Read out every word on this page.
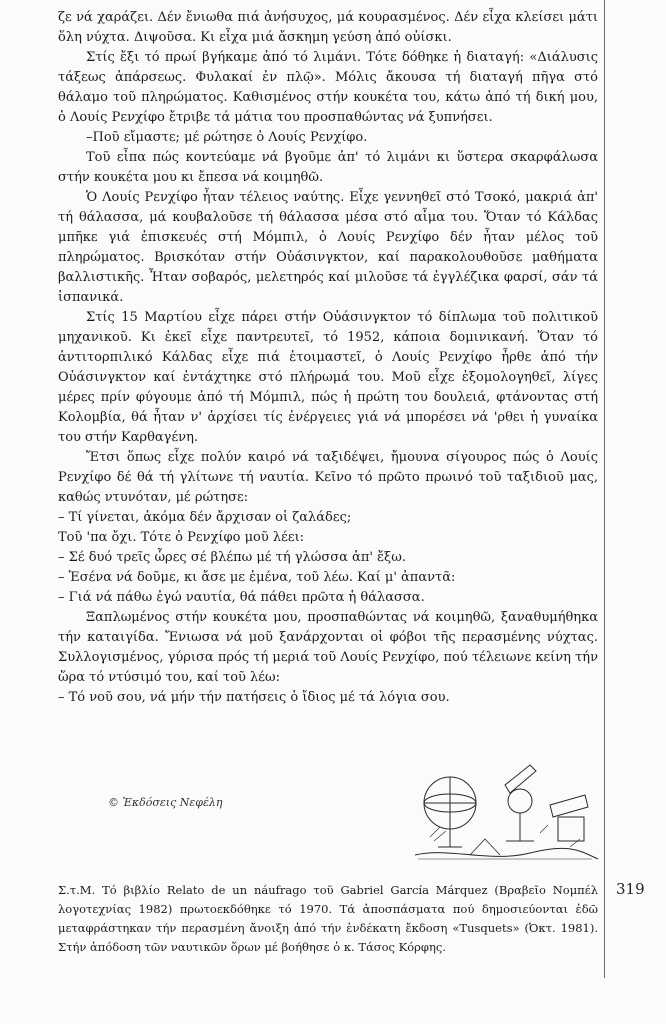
ζε νά χαράζει. Δέν ἔνιωθα πιά ἀνήσυχος, μά κουρασμένος. Δέν εἶχα κλείσει μάτι ὅλη νύχτα. Διψοῦσα. Κι εἶχα μιά ἄσκημη γεύση ἀπό οὐίσκι.

Στίς ἔξι τό πρωί βγήκαμε ἀπό τό λιμάνι. Τότε δόθηκε ἡ διαταγή: «Διάλυσις τάξεως ἀπάρσεως. Φυλακαί ἐν πλῷ». Μόλις ἄκουσα τή διαταγή πῆγα στό θάλαμο τοῦ πληρώματος. Καθισμένος στήν κουκέτα του, κάτω ἀπό τή δική μου, ὁ Λουίς Ρενχίφο ἔτριβε τά μάτια του προσπαθώντας νά ξυπνήσει.

–Ποῦ εἴμαστε; μέ ρώτησε ὁ Λουίς Ρενχίφο.

Τοῦ εἶπα πώς κοντεύαμε νά βγοῦμε ἀπ' τό λιμάνι κι ὕστερα σκαρφάλωσα στήν κουκέτα μου κι ἔπεσα νά κοιμηθῶ.

Ὁ Λουίς Ρενχίφο ἦταν τέλειος ναύτης. Εἶχε γεννηθεῖ στό Τσοκό, μακριά ἀπ' τή θάλασσα, μά κουβαλοῦσε τή θάλασσα μέσα στό αἷμα του. Ὅταν τό Κάλδας μπῆκε γιά ἐπισκευές στή Μόμπιλ, ὁ Λουίς Ρενχίφο δέν ἦταν μέλος τοῦ πληρώματος. Βρισκόταν στήν Οὐάσινγκτον, καί παρακολουθοῦσε μαθήματα βαλλιστικῆς. Ἦταν σοβαρός, μελετηρός καί μιλοῦσε τά ἐγγλέζικα φαρσί, σάν τά ἰσπανικά.

Στίς 15 Μαρτίου εἶχε πάρει στήν Οὐάσινγκτον τό δίπλωμα τοῦ πολιτικοῦ μηχανικοῦ. Κι ἐκεῖ εἶχε παντρευτεῖ, τό 1952, κάποια δομινικανή. Ὅταν τό ἀντιτορπιλικό Κάλδας εἶχε πιά ἑτοιμαστεῖ, ὁ Λουίς Ρενχίφο ἦρθε ἀπό τήν Οὐάσινγκτον καί ἐντάχτηκε στό πλήρωμά του. Μοῦ εἶχε ἐξομολογηθεῖ, λίγες μέρες πρίν φύγουμε ἀπό τή Μόμπιλ, πώς ἡ πρώτη του δουλειά, φτάνοντας στή Κολομβία, θά ἦταν ν' ἀρχίσει τίς ἐνέργειες γιά νά μπορέσει νά 'ρθει ἡ γυναίκα του στήν Καρθαγένη.

Ἔτσι ὅπως εἶχε πολύν καιρό νά ταξιδέψει, ἤμουνα σίγουρος πώς ὁ Λουίς Ρενχίφο δέ θά τή γλίτωνε τή ναυτία. Κεῖνο τό πρῶτο πρωινό τοῦ ταξιδιοῦ μας, καθώς ντυνόταν, μέ ρώτησε:

– Τί γίνεται, ἀκόμα δέν ἄρχισαν οἱ ζαλάδες;

Τοῦ 'πα ὄχι. Τότε ὁ Ρενχίφο μοῦ λέει:

– Σέ δυό τρεῖς ὧρες σέ βλέπω μέ τή γλώσσα ἀπ' ἔξω.

– Ἐσένα νά δοῦμε, κι ἄσε με ἐμένα, τοῦ λέω. Καί μ' ἀπαντᾶ:

– Γιά νά πάθω ἐγώ ναυτία, θά πάθει πρῶτα ἡ θάλασσα.

Ξαπλωμένος στήν κουκέτα μου, προσπαθώντας νά κοιμηθῶ, ξαναθυμήθηκα τήν καταιγίδα. Ἔνιωσα νά μοῦ ξανάρχονται οἱ φόβοι τῆς περασμένης νύχτας. Συλλογισμένος, γύρισα πρός τή μεριά τοῦ Λουίς Ρενχίφο, πού τέλειωνε κείνη τήν ὥρα τό ντύσιμό του, καί τοῦ λέω:

– Τό νοῦ σου, νά μήν τήν πατήσεις ὁ ἴδιος μέ τά λόγια σου.

© Ἐκδόσεις Νεφέλη

Σ.τ.Μ. Τό βιβλίο Relato de un náufrago τοῦ Gabriel García Márquez (Βραβεῖο Νομπέλ λογοτεχνίας 1982) πρωτοεκδόθηκε τό 1970. Τά ἀποσπάσματα πού δημοσιεύονται ἐδῶ μεταφράστηκαν τήν περασμένη ἄνοιξη ἀπό τήν ἑνδέκατη ἔκδοση «Tusquets» (Ὀκτ. 1981). Στήν ἀπόδοση τῶν ναυτικῶν ὅρων μέ βοήθησε ὁ κ. Τάσος Κόρφης.

319
